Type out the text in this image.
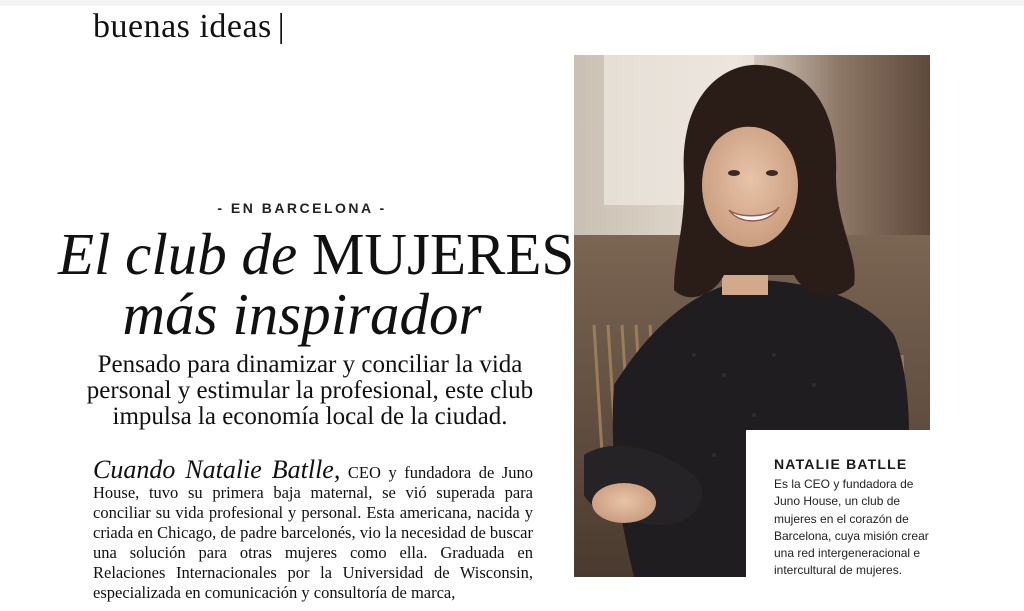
buenas ideas |
- EN BARCELONA -
El club de MUJERES
más inspirador
Pensado para dinamizar y conciliar la vida personal y estimular la profesional, este club impulsa la economía local de la ciudad.
Cuando Natalie Batlle, CEO y fundadora de Juno House, tuvo su primera baja maternal, se vió superada para conciliar su vida profesional y personal. Esta americana, nacida y criada en Chicago, de padre barcelonés, vio la necesidad de buscar una solución para otras mujeres como ella. Graduada en Relaciones Internacionales por la Universidad de Wisconsin, especializada en comunicación y consultoría de marca,
NATALIE BATLLE
Es la CEO y fundadora de Juno House, un club de mujeres en el corazón de Barcelona, cuya misión crear una red intergeneracional e intercultural de mujeres.
